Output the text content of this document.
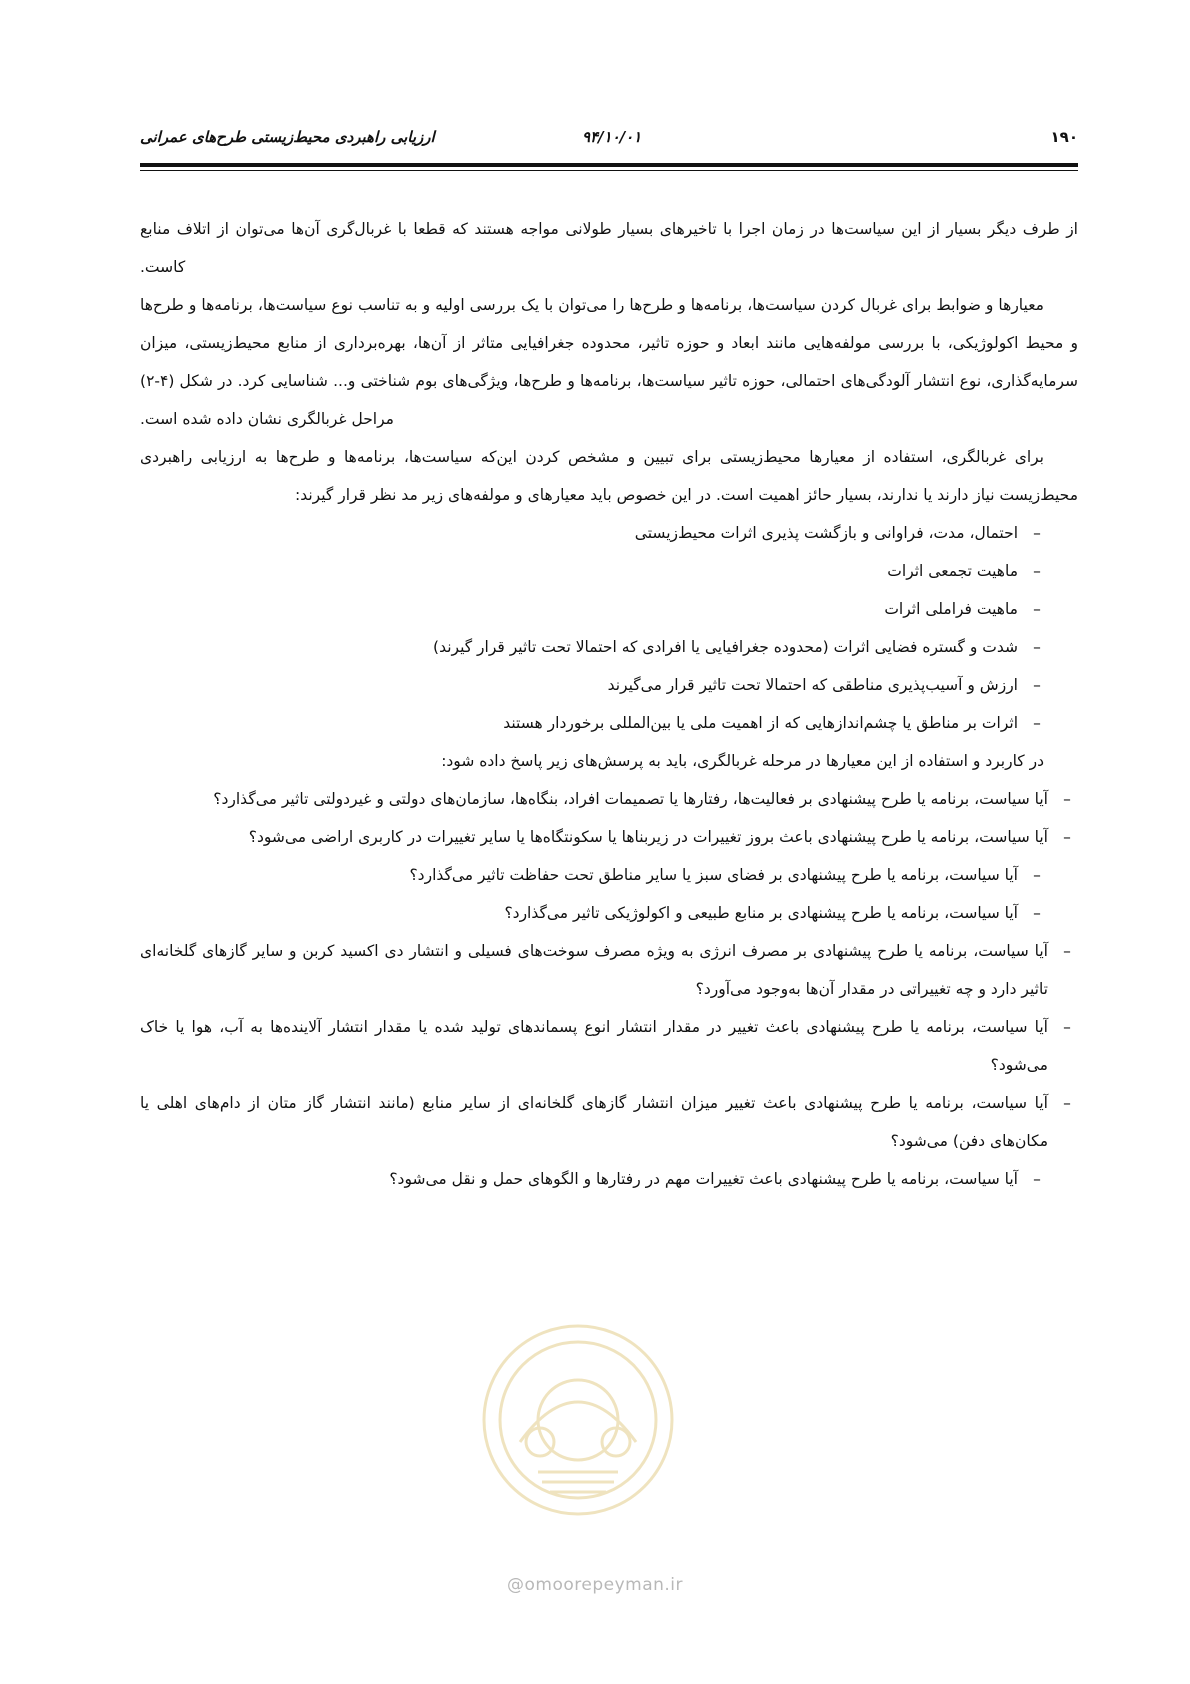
۱۹۰
۹۴/۱۰/۰۱
ارزیابی راهبردی محیط‌زیستی طرح‌های عمرانی

از طرف دیگر بسیار از این سیاست‌ها در زمان اجرا با تاخیرهای بسیار طولانی مواجه هستند که قطعا با غربال‌گری آن‌ها می‌توان از اتلاف منابع کاست.

معیارها و ضوابط برای غربال کردن سیاست‌ها، برنامه‌ها و طرح‌ها را می‌توان با یک بررسی اولیه و به تناسب نوع سیاست‌ها، برنامه‌ها و طرح‌ها و محیط اکولوژیکی، با بررسی مولفه‌هایی مانند ابعاد و حوزه تاثیر، محدوده جغرافیایی متاثر از آن‌ها، بهره‌برداری از منابع محیط‌زیستی، میزان سرمایه‌گذاری، نوع انتشار آلودگی‌های احتمالی، حوزه تاثیر سیاست‌ها، برنامه‌ها و طرح‌ها، ویژگی‌های بوم شناختی و... شناسایی کرد. در شکل (۴-۲) مراحل غربالگری نشان داده شده است.

برای غربالگری، استفاده از معیارها محیط‌زیستی برای تبیین و مشخص کردن این‌که سیاست‌ها، برنامه‌ها و طرح‌ها به ارزیابی راهبردی محیط‌زیست نیاز دارند یا ندارند، بسیار حائز اهمیت است. در این خصوص باید معیارهای و مولفه‌های زیر مد نظر قرار گیرند:

–
احتمال، مدت، فراوانی و بازگشت پذیری اثرات محیط‌زیستی
–
ماهیت تجمعی اثرات
–
ماهیت فراملی اثرات
–
شدت و گستره فضایی اثرات (محدوده جغرافیایی یا افرادی که احتمالا تحت تاثیر قرار گیرند)
–
ارزش و آسیب‌پذیری مناطقی که احتمالا تحت تاثیر قرار می‌گیرند
–
اثرات بر مناطق یا چشم‌اندازهایی که از اهمیت ملی یا بین‌المللی برخوردار هستند

در کاربرد و استفاده از این معیارها در مرحله غربالگری، باید به پرسش‌های زیر پاسخ داده شود:

–
آیا سیاست، برنامه یا طرح پیشنهادی بر فعالیت‌ها، رفتارها یا تصمیمات افراد، بنگاه‌ها، سازمان‌های دولتی و غیردولتی تاثیر می‌گذارد؟
–
آیا سیاست، برنامه یا طرح پیشنهادی باعث بروز تغییرات در زیربناها یا سکونتگاه‌ها یا سایر تغییرات در کاربری اراضی می‌شود؟
–
آیا سیاست، برنامه یا طرح پیشنهادی بر فضای سبز یا سایر مناطق تحت حفاظت تاثیر می‌گذارد؟
–
آیا سیاست، برنامه یا طرح پیشنهادی بر منابع طبیعی و اکولوژیکی تاثیر می‌گذارد؟
–
آیا سیاست، برنامه یا طرح پیشنهادی بر مصرف انرژی به ویژه مصرف سوخت‌های فسیلی و انتشار دی اکسید کربن و سایر گازهای گلخانه‌ای تاثیر دارد و چه تغییراتی در مقدار آن‌ها به‌وجود می‌آورد؟
–
آیا سیاست، برنامه یا طرح پیشنهادی باعث تغییر در مقدار انتشار انوع پسماندهای تولید شده یا مقدار انتشار آلاینده‌ها به آب، هوا یا خاک می‌شود؟
–
آیا سیاست، برنامه یا طرح پیشنهادی باعث تغییر میزان انتشار گازهای گلخانه‌ای از سایر منابع (مانند انتشار گاز متان از دام‌های اهلی یا مکان‌های دفن) می‌شود؟
–
آیا سیاست، برنامه یا طرح پیشنهادی باعث تغییرات مهم در رفتارها و الگوهای حمل و نقل می‌شود؟
@omoorepeyman.ir
